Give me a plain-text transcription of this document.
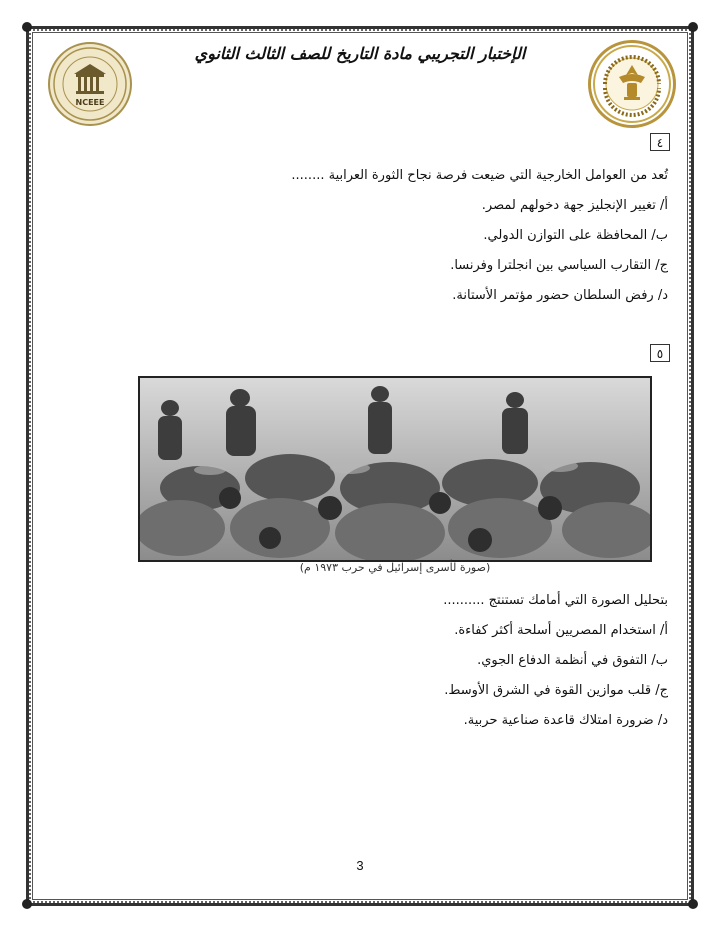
NCEEE
الإختبار التجريبي مادة التاريخ للصف الثالث الثانوي
٤
تُعد من العوامل الخارجية التي ضيعت فرصة نجاح الثورة العرابية ........
أ/ تغيير الإنجليز جهة دخولهم لمصر.
ب/ المحافظة على التوازن الدولي.
ج/ التقارب السياسي بين انجلترا وفرنسا.
د/ رفض السلطان حضور مؤتمر الأستانة.
٥
(صورة لأسرى إسرائيل في حرب ١٩٧٣ م)
بتحليل الصورة التي أمامك تستنتج ..........
أ/ استخدام المصريين أسلحة أكثر كفاءة.
ب/ التفوق في أنظمة الدفاع الجوي.
ج/ قلب موازين القوة في الشرق الأوسط.
د/ ضرورة امتلاك قاعدة صناعية حربية.
3
